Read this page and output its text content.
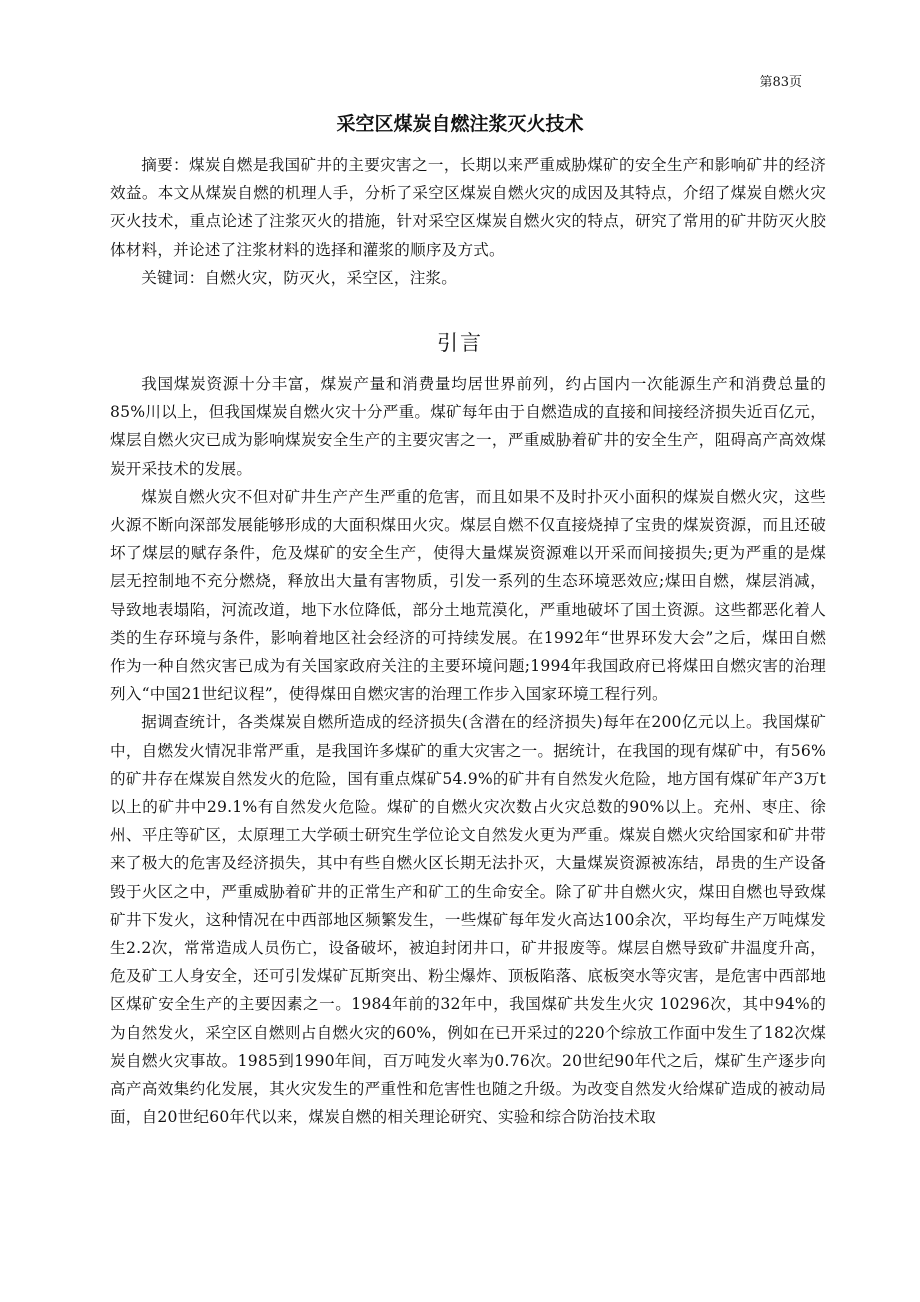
第83页
采空区煤炭自燃注浆灭火技术

摘要：煤炭自燃是我国矿井的主要灾害之一，长期以来严重威胁煤矿的安全生产和影响矿井的经济效益。本文从煤炭自燃的机理人手，分析了采空区煤炭自燃火灾的成因及其特点，介绍了煤炭自燃火灾灭火技术，重点论述了注浆灭火的措施，针对采空区煤炭自燃火灾的特点，研究了常用的矿井防灭火胶体材料，并论述了注浆材料的选择和灌浆的顺序及方式。

关键词：自燃火灾，防灭火，采空区，注浆。

引言

我国煤炭资源十分丰富，煤炭产量和消费量均居世界前列，约占国内一次能源生产和消费总量的85%川以上，但我国煤炭自燃火灾十分严重。煤矿每年由于自燃造成的直接和间接经济损失近百亿元，煤层自燃火灾已成为影响煤炭安全生产的主要灾害之一，严重威胁着矿井的安全生产，阻碍高产高效煤炭开采技术的发展。

煤炭自燃火灾不但对矿井生产产生严重的危害，而且如果不及时扑灭小面积的煤炭自燃火灾，这些火源不断向深部发展能够形成的大面积煤田火灾。煤层自燃不仅直接烧掉了宝贵的煤炭资源，而且还破坏了煤层的赋存条件，危及煤矿的安全生产，使得大量煤炭资源难以开采而间接损失;更为严重的是煤层无控制地不充分燃烧，释放出大量有害物质，引发一系列的生态环境恶效应;煤田自燃，煤层消减，导致地表塌陷，河流改道，地下水位降低，部分土地荒漠化，严重地破坏了国土资源。这些都恶化着人类的生存环境与条件，影响着地区社会经济的可持续发展。在1992年“世界环发大会”之后，煤田自燃作为一种自然灾害已成为有关国家政府关注的主要环境问题;1994年我国政府已将煤田自燃灾害的治理列入“中国21世纪议程”，使得煤田自燃灾害的治理工作步入国家环境工程行列。

据调查统计，各类煤炭自燃所造成的经济损失(含潜在的经济损失)每年在200亿元以上。我国煤矿中，自燃发火情况非常严重，是我国许多煤矿的重大灾害之一。据统计，在我国的现有煤矿中，有56%的矿井存在煤炭自然发火的危险，国有重点煤矿54.9%的矿井有自然发火危险，地方国有煤矿年产3万t以上的矿井中29.1%有自然发火危险。煤矿的自燃火灾次数占火灾总数的90%以上。充州、枣庄、徐州、平庄等矿区，太原理工大学硕士研究生学位论文自然发火更为严重。煤炭自燃火灾给国家和矿井带来了极大的危害及经济损失，其中有些自燃火区长期无法扑灭，大量煤炭资源被冻结，昂贵的生产设备毁于火区之中，严重威胁着矿井的正常生产和矿工的生命安全。除了矿井自燃火灾，煤田自燃也导致煤矿井下发火，这种情况在中西部地区频繁发生，一些煤矿每年发火高达100余次，平均每生产万吨煤发生2.2次，常常造成人员伤亡，设备破坏，被迫封闭井口，矿井报废等。煤层自燃导致矿井温度升高，危及矿工人身安全，还可引发煤矿瓦斯突出、粉尘爆炸、顶板陷落、底板突水等灾害，是危害中西部地区煤矿安全生产的主要因素之一。1984年前的32年中，我国煤矿共发生火灾 10296次，其中94%的为自然发火，采空区自燃则占自燃火灾的60%，例如在已开采过的220个综放工作面中发生了182次煤炭自燃火灾事故。1985到1990年间，百万吨发火率为0.76次。20世纪90年代之后，煤矿生产逐步向高产高效集约化发展，其火灾发生的严重性和危害性也随之升级。为改变自然发火给煤矿造成的被动局面，自20世纪60年代以来，煤炭自燃的相关理论研究、实验和综合防治技术取
